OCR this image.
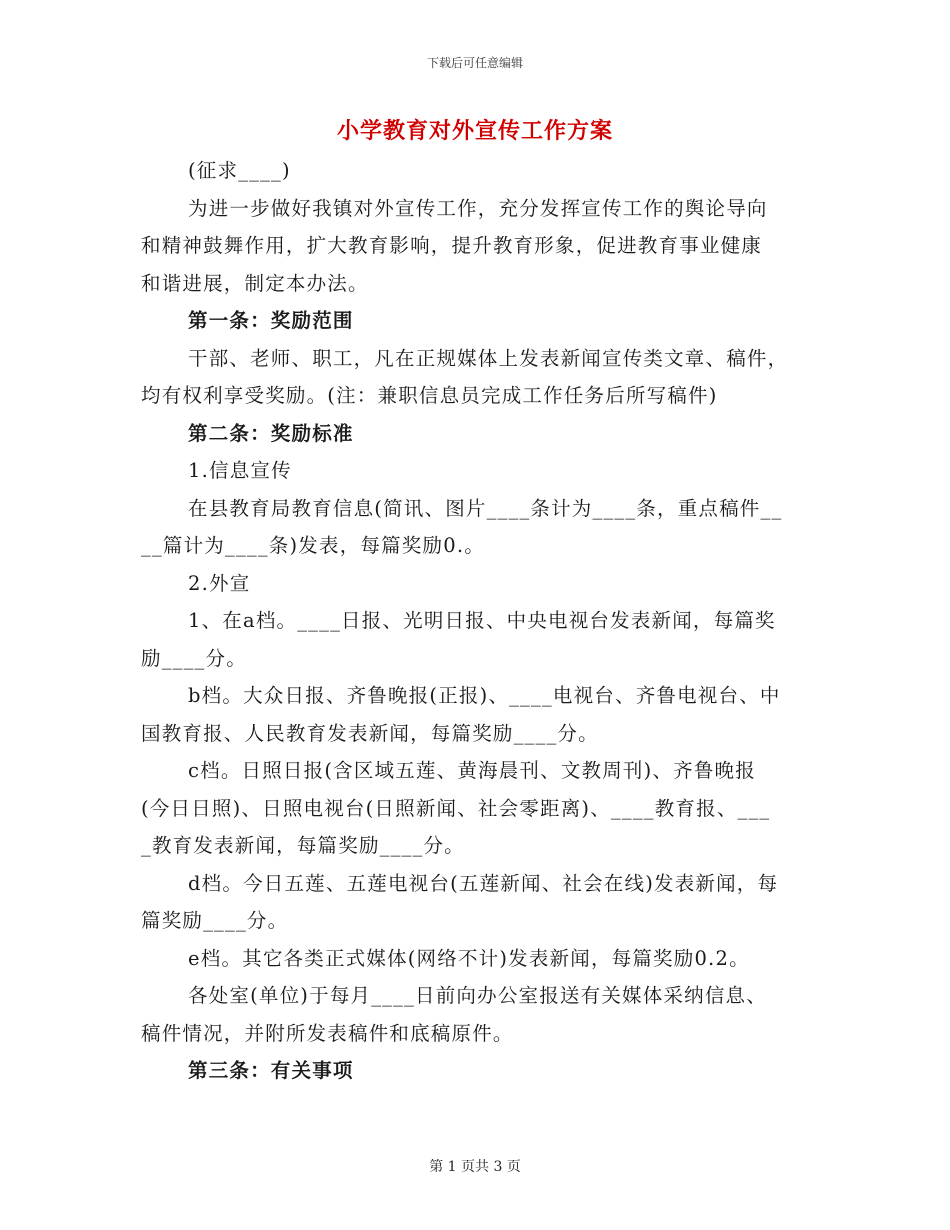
下载后可任意编辑
小学教育对外宣传工作方案
(征求____)
为进一步做好我镇对外宣传工作，充分发挥宣传工作的舆论导向
和精神鼓舞作用，扩大教育影响，提升教育形象，促进教育事业健康
和谐进展，制定本办法。
第一条：奖励范围
干部、老师、职工，凡在正规媒体上发表新闻宣传类文章、稿件，
均有权利享受奖励。(注：兼职信息员完成工作任务后所写稿件)
第二条：奖励标准
1.信息宣传
在县教育局教育信息(简讯、图片____条计为____条，重点稿件__
__篇计为____条)发表，每篇奖励0.。
2.外宣
1、在a档。____日报、光明日报、中央电视台发表新闻，每篇奖
励____分。
b档。大众日报、齐鲁晚报(正报)、____电视台、齐鲁电视台、中
国教育报、人民教育发表新闻，每篇奖励____分。
c档。日照日报(含区域五莲、黄海晨刊、文教周刊)、齐鲁晚报
(今日日照)、日照电视台(日照新闻、社会零距离)、____教育报、___
_教育发表新闻，每篇奖励____分。
d档。今日五莲、五莲电视台(五莲新闻、社会在线)发表新闻，每
篇奖励____分。
e档。其它各类正式媒体(网络不计)发表新闻，每篇奖励0.2。
各处室(单位)于每月____日前向办公室报送有关媒体采纳信息、
稿件情况，并附所发表稿件和底稿原件。
第三条：有关事项
第 1 页共 3 页
